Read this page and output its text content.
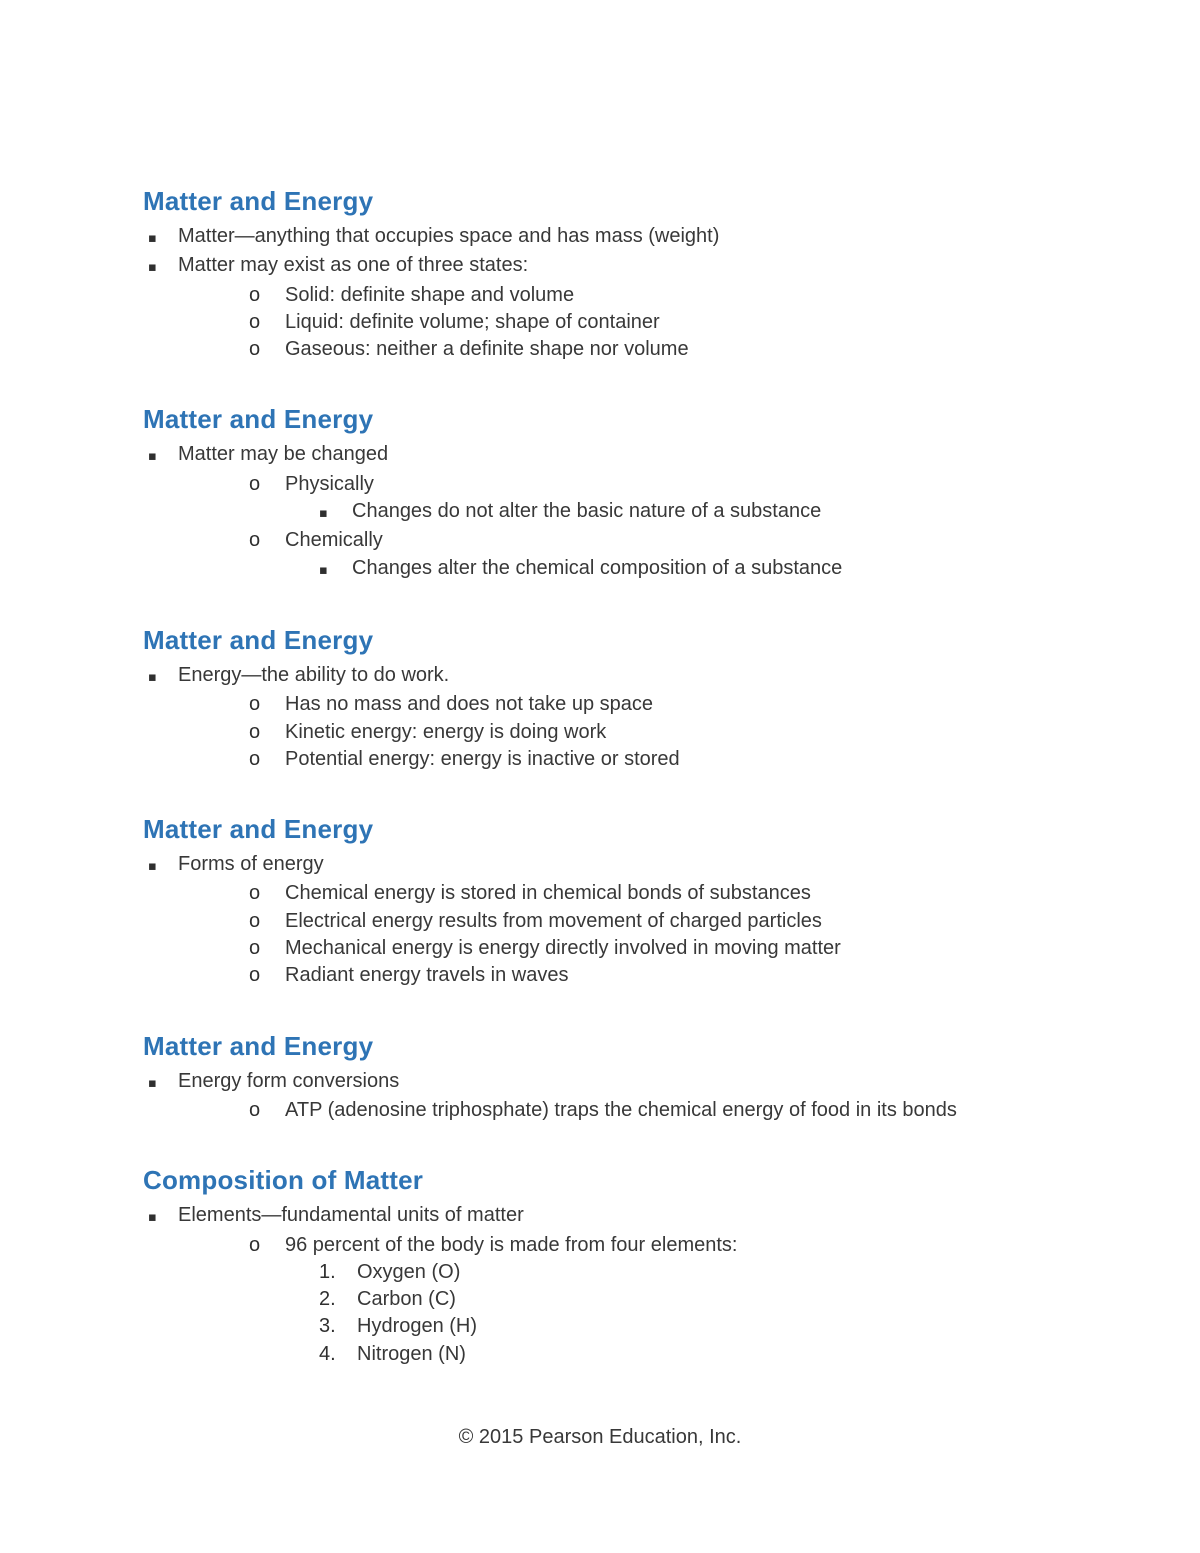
Matter and Energy
▪	Matter—anything that occupies space and has mass (weight)
▪	Matter may exist as one of three states:
o	Solid: definite shape and volume
o	Liquid: definite volume; shape of container
o	Gaseous: neither a definite shape nor volume
Matter and Energy
▪	Matter may be changed
o	Physically
▪	Changes do not alter the basic nature of a substance
o	Chemically
▪	Changes alter the chemical composition of a substance
Matter and Energy
▪	Energy—the ability to do work.
o	Has no mass and does not take up space
o	Kinetic energy: energy is doing work
o	Potential energy: energy is inactive or stored
Matter and Energy
▪	Forms of energy
o	Chemical energy is stored in chemical bonds of substances
o	Electrical energy results from movement of charged particles
o	Mechanical energy is energy directly involved in moving matter
o	Radiant energy travels in waves
Matter and Energy
▪	Energy form conversions
o	ATP (adenosine triphosphate) traps the chemical energy of food in its bonds
Composition of Matter
▪	Elements—fundamental units of matter
o	96 percent of the body is made from four elements:
1.	Oxygen (O)
2.	Carbon (C)
3.	Hydrogen (H)
4.	Nitrogen (N)
© 2015 Pearson Education, Inc.
